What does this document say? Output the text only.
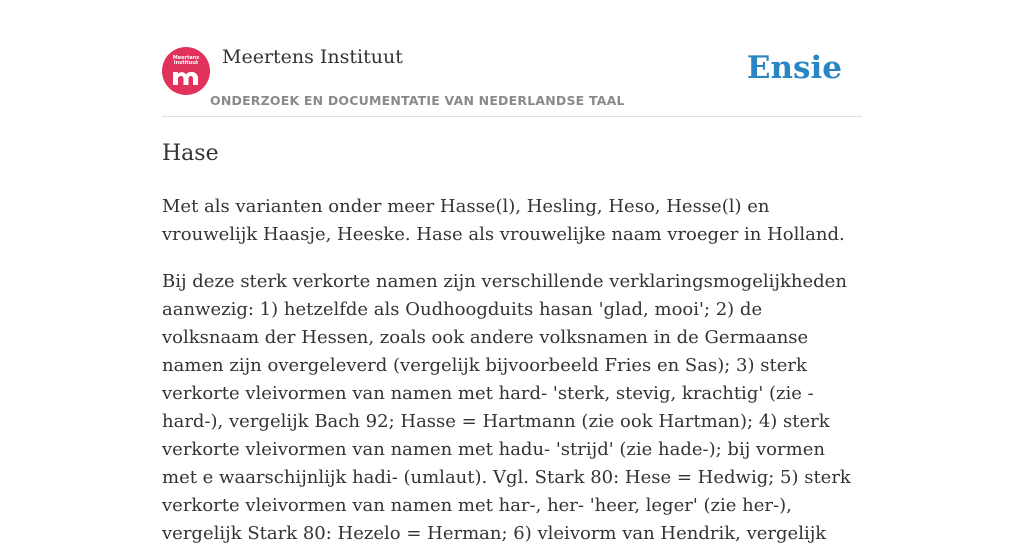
Meertens
Instituut	Meertens Instituut
ONDERZOEK EN DOCUMENTATIE VAN NEDERLANDSE TAAL
Ensie
Hase

Met als varianten onder meer Hasse(l), Hesling, Heso, Hesse(l) en vrouwelijk Haasje, Heeske. Hase als vrouwelijke naam vroeger in Holland.

Bij deze sterk verkorte namen zijn verschillende verklaringsmogelijkheden aanwezig: 1) hetzelfde als Oudhoogduits hasan 'glad, mooi'; 2) de volksnaam der Hessen, zoals ook andere volksnamen in de Germaanse namen zijn overgeleverd (vergelijk bijvoorbeeld Fries en Sas); 3) sterk verkorte vleivormen van namen met hard- 'sterk, stevig, krachtig' (zie -hard-), vergelijk Bach 92; Hasse = Hartmann (zie ook Hartman); 4) sterk verkorte vleivormen van namen met hadu- 'strijd' (zie hade-); bij vormen met e waarschijnlijk hadi- (umlaut). Vgl. Stark 80: Hese = Hedwig; 5) sterk verkorte vleivormen van namen met har-, her- 'heer, leger' (zie her-), vergelijk Stark 80: Hezelo = Herman; 6) vleivorm van Hendrik, vergelijk
